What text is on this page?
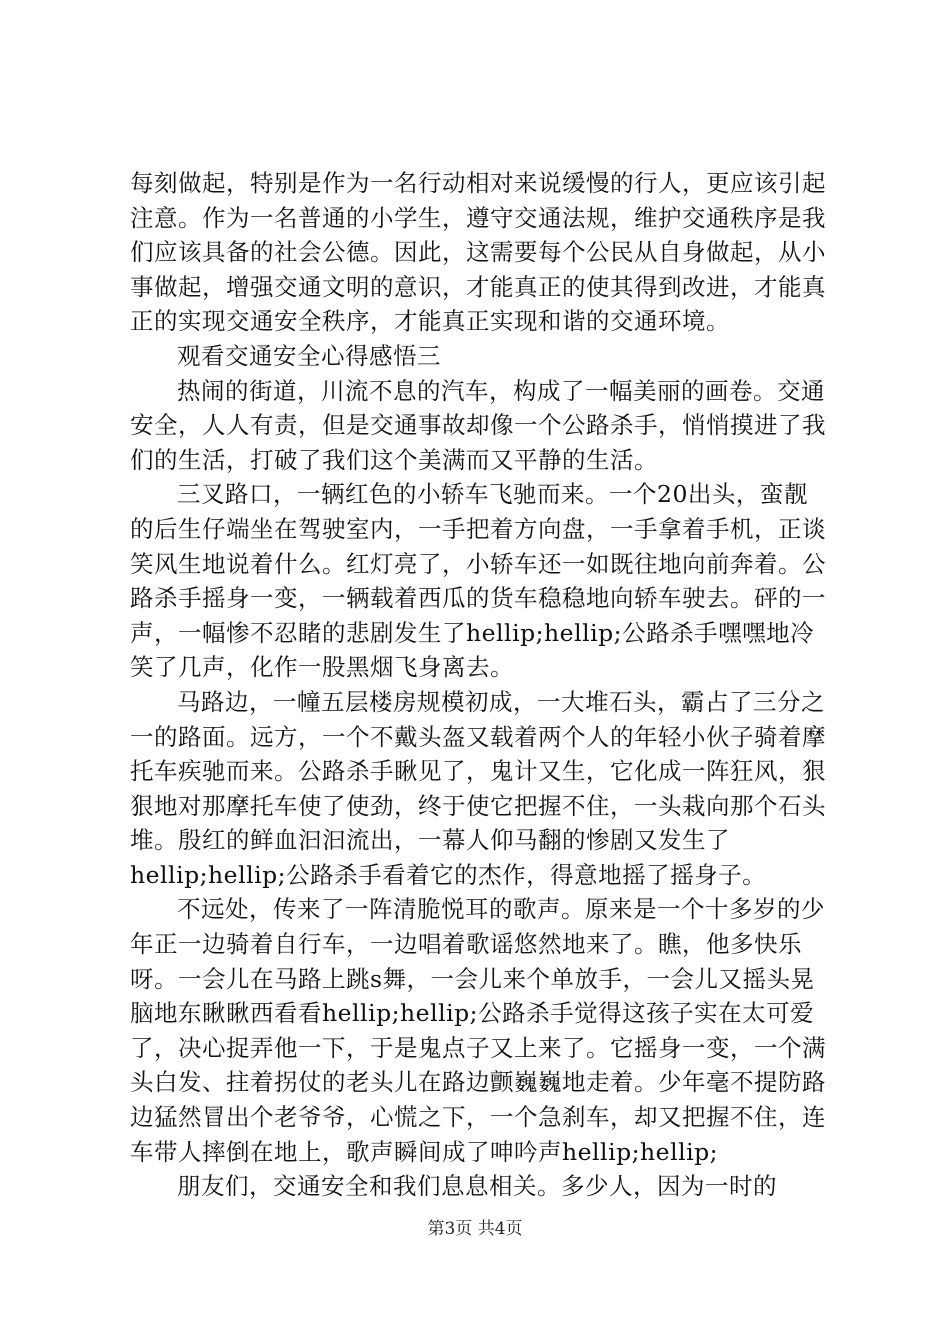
每刻做起，特别是作为一名行动相对来说缓慢的行人，更应该引起注意。作为一名普通的小学生，遵守交通法规，维护交通秩序是我们应该具备的社会公德。因此，这需要每个公民从自身做起，从小事做起，增强交通文明的意识，才能真正的使其得到改进，才能真正的实现交通安全秩序，才能真正实现和谐的交通环境。

观看交通安全心得感悟三

热闹的街道，川流不息的汽车，构成了一幅美丽的画卷。交通安全，人人有责，但是交通事故却像一个公路杀手，悄悄摸进了我们的生活，打破了我们这个美满而又平静的生活。

三叉路口，一辆红色的小轿车飞驰而来。一个20出头，蛮靓的后生仔端坐在驾驶室内，一手把着方向盘，一手拿着手机，正谈笑风生地说着什么。红灯亮了，小轿车还一如既往地向前奔着。公路杀手摇身一变，一辆载着西瓜的货车稳稳地向轿车驶去。砰的一声，一幅惨不忍睹的悲剧发生了hellip;hellip;公路杀手嘿嘿地冷笑了几声，化作一股黑烟飞身离去。

马路边，一幢五层楼房规模初成，一大堆石头，霸占了三分之一的路面。远方，一个不戴头盔又载着两个人的年轻小伙子骑着摩托车疾驰而来。公路杀手瞅见了，鬼计又生，它化成一阵狂风，狠狠地对那摩托车使了使劲，终于使它把握不住，一头栽向那个石头堆。殷红的鲜血汩汩流出，一幕人仰马翻的惨剧又发生了hellip;hellip;公路杀手看着它的杰作，得意地摇了摇身子。

不远处，传来了一阵清脆悦耳的歌声。原来是一个十多岁的少年正一边骑着自行车，一边唱着歌谣悠然地来了。瞧，他多快乐呀。一会儿在马路上跳s舞，一会儿来个单放手，一会儿又摇头晃脑地东瞅瞅西看看hellip;hellip;公路杀手觉得这孩子实在太可爱了，决心捉弄他一下，于是鬼点子又上来了。它摇身一变，一个满头白发、拄着拐仗的老头儿在路边颤巍巍地走着。少年毫不提防路边猛然冒出个老爷爷，心慌之下，一个急刹车，却又把握不住，连车带人摔倒在地上，歌声瞬间成了呻吟声hellip;hellip;

朋友们，交通安全和我们息息相关。多少人，因为一时的

第3页 共4页
